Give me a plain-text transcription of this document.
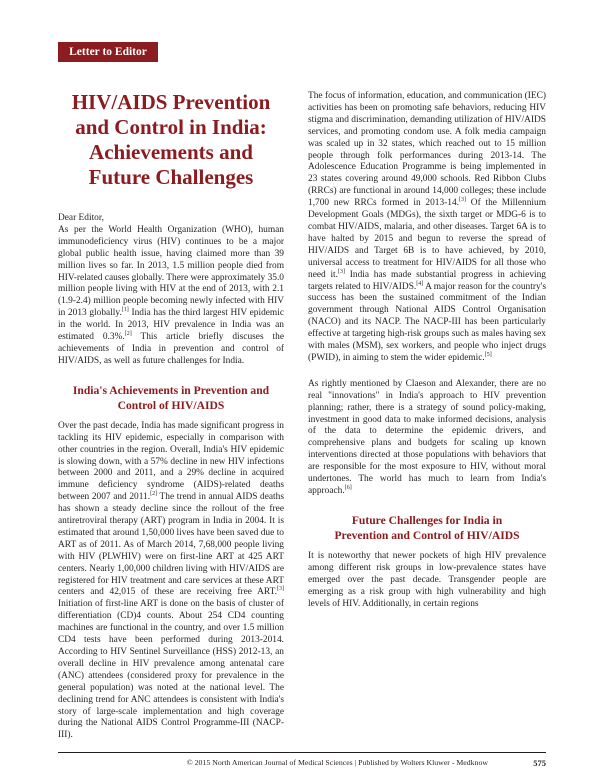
Letter to Editor
HIV/AIDS Prevention and Control in India: Achievements and Future Challenges

Dear Editor,

As per the World Health Organization (WHO), human immunodeficiency virus (HIV) continues to be a major global public health issue, having claimed more than 39 million lives so far. In 2013, 1.5 million people died from HIV-related causes globally. There were approximately 35.0 million people living with HIV at the end of 2013, with 2.1 (1.9-2.4) million people becoming newly infected with HIV in 2013 globally.[1] India has the third largest HIV epidemic in the world. In 2013, HIV prevalence in India was an estimated 0.3%.[2] This article briefly discuses the achievements of India in prevention and control of HIV/AIDS, as well as future challenges for India.

India's Achievements in Prevention and Control of HIV/AIDS

Over the past decade, India has made significant progress in tackling its HIV epidemic, especially in comparison with other countries in the region. Overall, India's HIV epidemic is slowing down, with a 57% decline in new HIV infections between 2000 and 2011, and a 29% decline in acquired immune deficiency syndrome (AIDS)-related deaths between 2007 and 2011.[2] The trend in annual AIDS deaths has shown a steady decline since the rollout of the free antiretroviral therapy (ART) program in India in 2004. It is estimated that around 1,50,000 lives have been saved due to ART as of 2011. As of March 2014, 7,68,000 people living with HIV (PLWHIV) were on first-line ART at 425 ART centers. Nearly 1,00,000 children living with HIV/AIDS are registered for HIV treatment and care services at these ART centers and 42,015 of these are receiving free ART.[3] Initiation of first-line ART is done on the basis of cluster of differentiation (CD)4 counts. About 254 CD4 counting machines are functional in the country, and over 1.5 million CD4 tests have been performed during 2013-2014. According to HIV Sentinel Surveillance (HSS) 2012-13, an overall decline in HIV prevalence among antenatal care (ANC) attendees (considered proxy for prevalence in the general population) was noted at the national level. The declining trend for ANC attendees is consistent with India's story of large-scale implementation and high coverage during the National AIDS Control Programme-III (NACP-III).

The focus of information, education, and communication (IEC) activities has been on promoting safe behaviors, reducing HIV stigma and discrimination, demanding utilization of HIV/AIDS services, and promoting condom use. A folk media campaign was scaled up in 32 states, which reached out to 15 million people through folk performances during 2013-14. The Adolescence Education Programme is being implemented in 23 states covering around 49,000 schools. Red Ribbon Clubs (RRCs) are functional in around 14,000 colleges; these include 1,700 new RRCs formed in 2013-14.[3] Of the Millennium Development Goals (MDGs), the sixth target or MDG-6 is to combat HIV/AIDS, malaria, and other diseases. Target 6A is to have halted by 2015 and begun to reverse the spread of HIV/AIDS and Target 6B is to have achieved, by 2010, universal access to treatment for HIV/AIDS for all those who need it.[3] India has made substantial progress in achieving targets related to HIV/AIDS.[4] A major reason for the country's success has been the sustained commitment of the Indian government through National AIDS Control Organisation (NACO) and its NACP. The NACP-III has been particularly effective at targeting high-risk groups such as males having sex with males (MSM), sex workers, and people who inject drugs (PWID), in aiming to stem the wider epidemic.[5]

As rightly mentioned by Claeson and Alexander, there are no real "innovations" in India's approach to HIV prevention planning; rather, there is a strategy of sound policy-making, investment in good data to make informed decisions, analysis of the data to determine the epidemic drivers, and comprehensive plans and budgets for scaling up known interventions directed at those populations with behaviors that are responsible for the most exposure to HIV, without moral undertones. The world has much to learn from India's approach.[6]

Future Challenges for India in Prevention and Control of HIV/AIDS

It is noteworthy that newer pockets of high HIV prevalence among different risk groups in low-prevalence states have emerged over the past decade. Transgender people are emerging as a risk group with high vulnerability and high levels of HIV. Additionally, in certain regions

© 2015 North American Journal of Medical Sciences | Published by Wolters Kluwer - Medknow	575
